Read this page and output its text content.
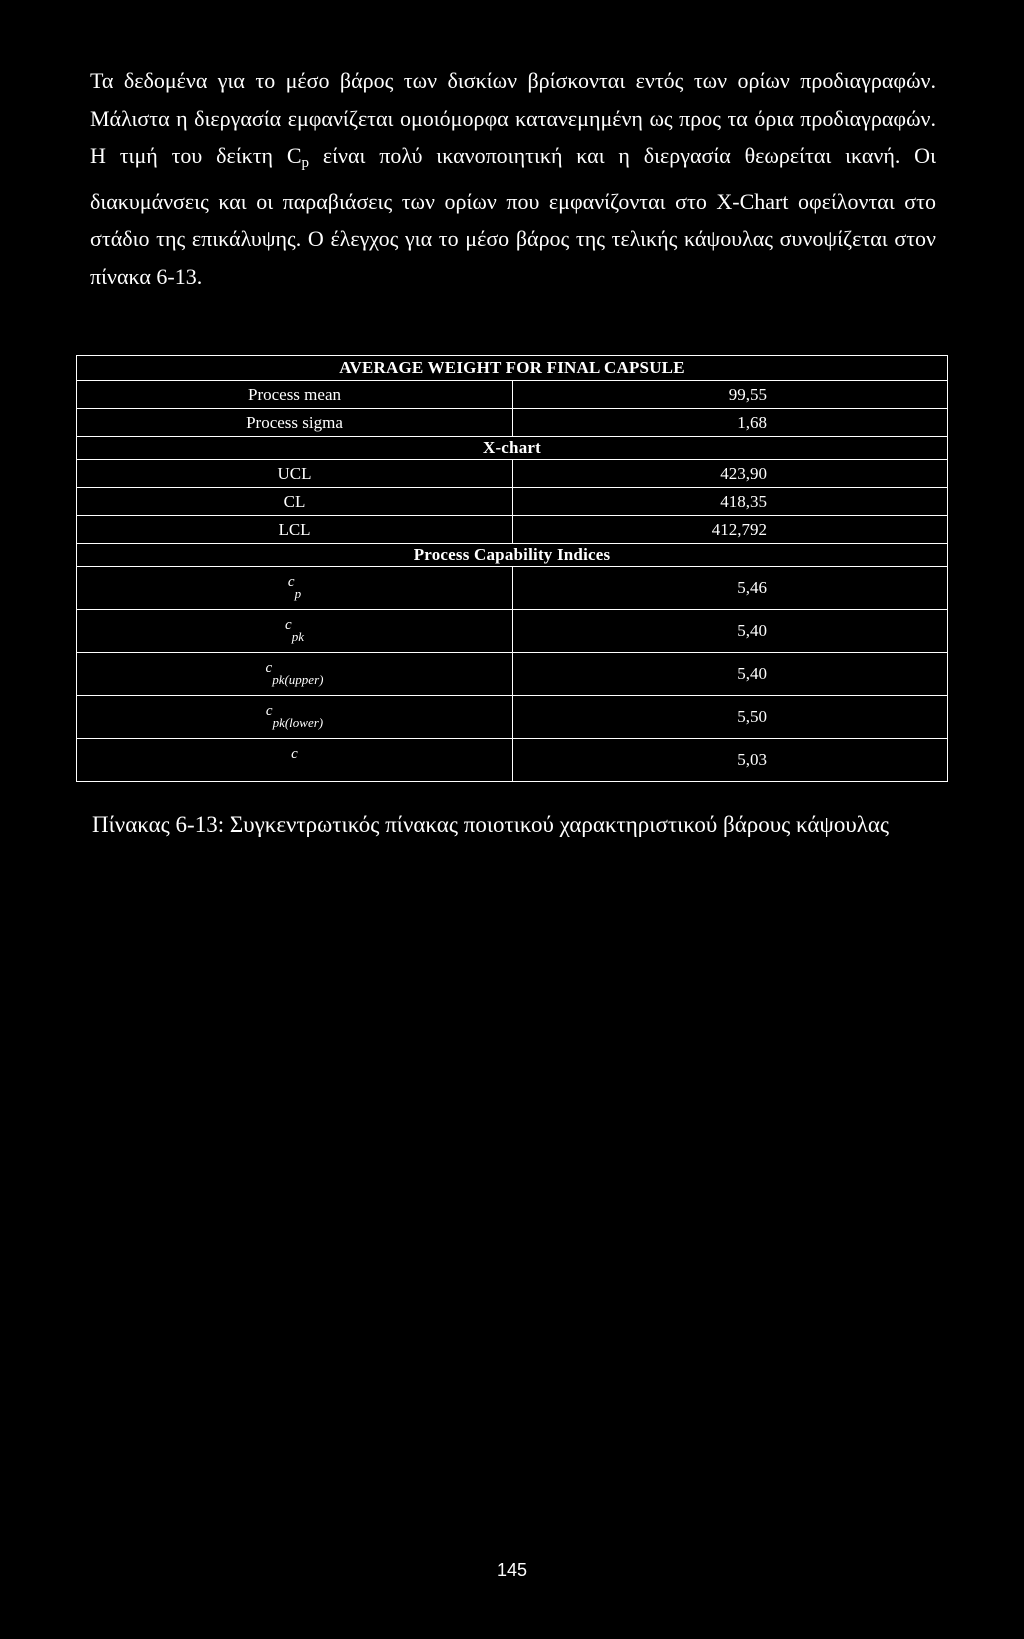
Τα δεδομένα για το μέσο βάρος των δισκίων βρίσκονται εντός των ορίων προδιαγραφών. Μάλιστα η διεργασία εμφανίζεται ομοιόμορφα κατανεμημένη ως προς τα όρια προδιαγραφών. Η τιμή του δείκτη $C_p$ είναι πολύ ικανοποιητική και η διεργασία θεωρείται ικανή. Οι διακυμάνσεις και οι παραβιάσεις των ορίων που εμφανίζονται στο X-Chart οφείλονται στο στάδιο της επικάλυψης. Ο έλεγχος για το μέσο βάρος της τελικής κάψουλας συνοψίζεται στον πίνακα 6-13.

AVERAGE WEIGHT FOR FINAL CAPSULE	
Process mean	99,55
Process sigma	1,68
X-chart	
UCL	423,90
CL	418,35
LCL	412,792
Process Capability Indices	
$c_p$	5,46
$c_{pk}$	5,40
$c_{pk(upper)}$	5,40
$c_{pk(lower)}$	5,50
c	5,03

Πίνακας 6-13: Συγκεντρωτικός πίνακας ποιοτικού χαρακτηριστικού βάρους κάψουλας

145
